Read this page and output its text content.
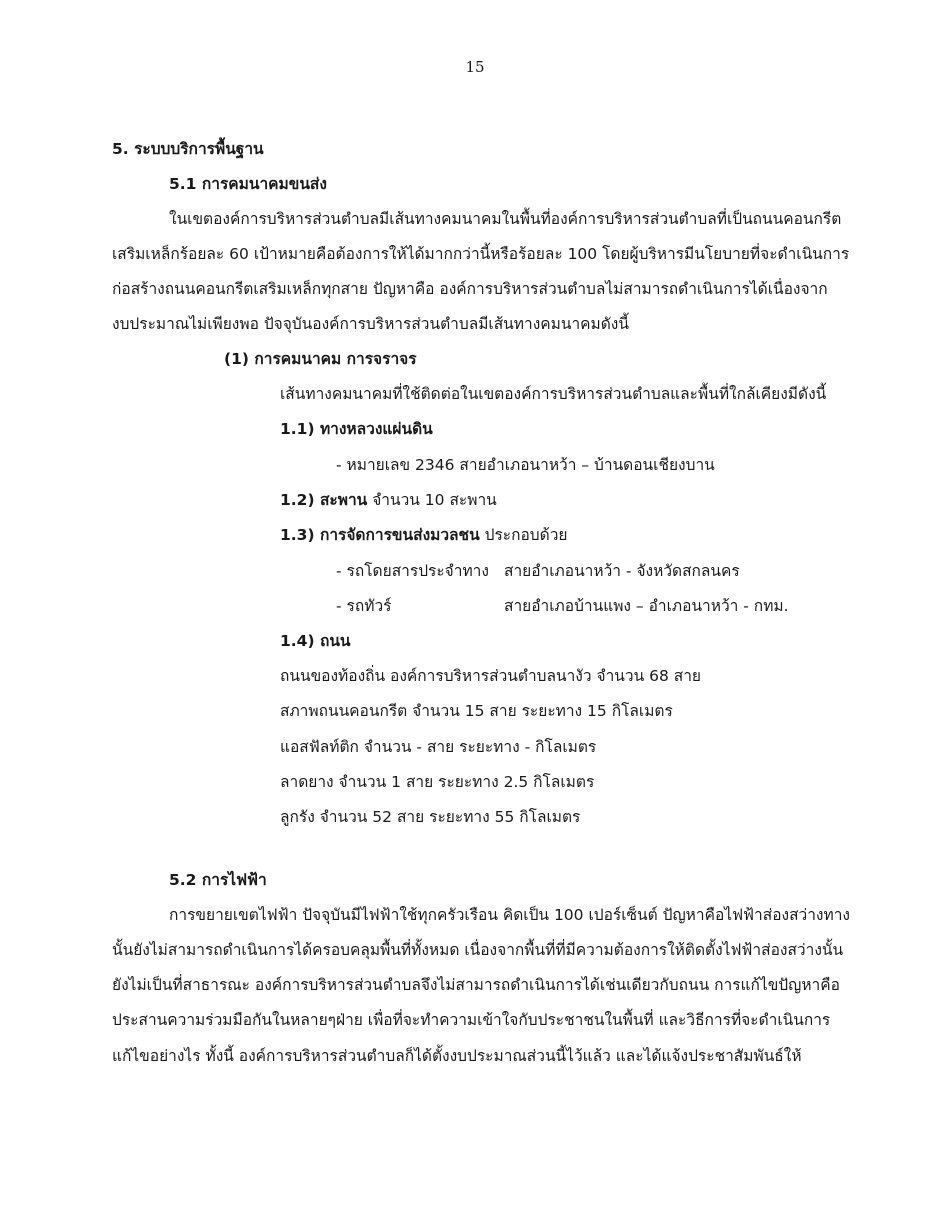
15

5. ระบบบริการพื้นฐาน

5.1 การคมนาคมขนส่ง

ในเขตองค์การบริหารส่วนตำบลมีเส้นทางคมนาคมในพื้นที่องค์การบริหารส่วนตำบลที่เป็นถนนคอนกรีต

เสริมเหล็กร้อยละ 60 เป้าหมายคือต้องการให้ได้มากกว่านี้หรือร้อยละ 100 โดยผู้บริหารมีนโยบายที่จะดำเนินการ

ก่อสร้างถนนคอนกรีตเสริมเหล็กทุกสาย ปัญหาคือ องค์การบริหารส่วนตำบลไม่สามารถดำเนินการได้เนื่องจาก

งบประมาณไม่เพียงพอ ปัจจุบันองค์การบริหารส่วนตำบลมีเส้นทางคมนาคมดังนี้

(1) การคมนาคม การจราจร

เส้นทางคมนาคมที่ใช้ติดต่อในเขตองค์การบริหารส่วนตำบลและพื้นที่ใกล้เคียงมีดังนี้

1.1) ทางหลวงแผ่นดิน

- หมายเลข 2346 สายอำเภอนาหว้า – บ้านดอนเชียงบาน

1.2) สะพาน จำนวน 10 สะพาน

1.3) การจัดการขนส่งมวลชน ประกอบด้วย

- รถโดยสารประจำทาง สายอำเภอนาหว้า - จังหวัดสกลนคร

- รถทัวร์	สายอำเภอบ้านแพง – อำเภอนาหว้า - กทม.

1.4) ถนน

ถนนของท้องถิ่น องค์การบริหารส่วนตำบลนางัว จำนวน 68 สาย

สภาพถนนคอนกรีต จำนวน 15 สาย ระยะทาง 15 กิโลเมตร

แอสฟัลท์ติก จำนวน - สาย ระยะทาง - กิโลเมตร

ลาดยาง จำนวน 1 สาย ระยะทาง 2.5 กิโลเมตร

ลูกรัง จำนวน 52 สาย ระยะทาง 55 กิโลเมตร

5.2 การไฟฟ้า

การขยายเขตไฟฟ้า ปัจจุบันมีไฟฟ้าใช้ทุกครัวเรือน คิดเป็น 100 เปอร์เซ็นต์ ปัญหาคือไฟฟ้าส่องสว่างทาง

นั้นยังไม่สามารถดำเนินการได้ครอบคลุมพื้นที่ทั้งหมด เนื่องจากพื้นที่ที่มีความต้องการให้ติดตั้งไฟฟ้าส่องสว่างนั้น

ยังไม่เป็นที่สาธารณะ องค์การบริหารส่วนตำบลจึงไม่สามารถดำเนินการได้เช่นเดียวกับถนน การแก้ไขปัญหาคือ

ประสานความร่วมมือกันในหลายๆฝ่าย เพื่อที่จะทำความเข้าใจกับประชาชนในพื้นที่ และวิธีการที่จะดำเนินการ

แก้ไขอย่างไร ทั้งนี้ องค์การบริหารส่วนตำบลก็ได้ตั้งงบประมาณส่วนนี้ไว้แล้ว และได้แจ้งประชาสัมพันธ์ให้
